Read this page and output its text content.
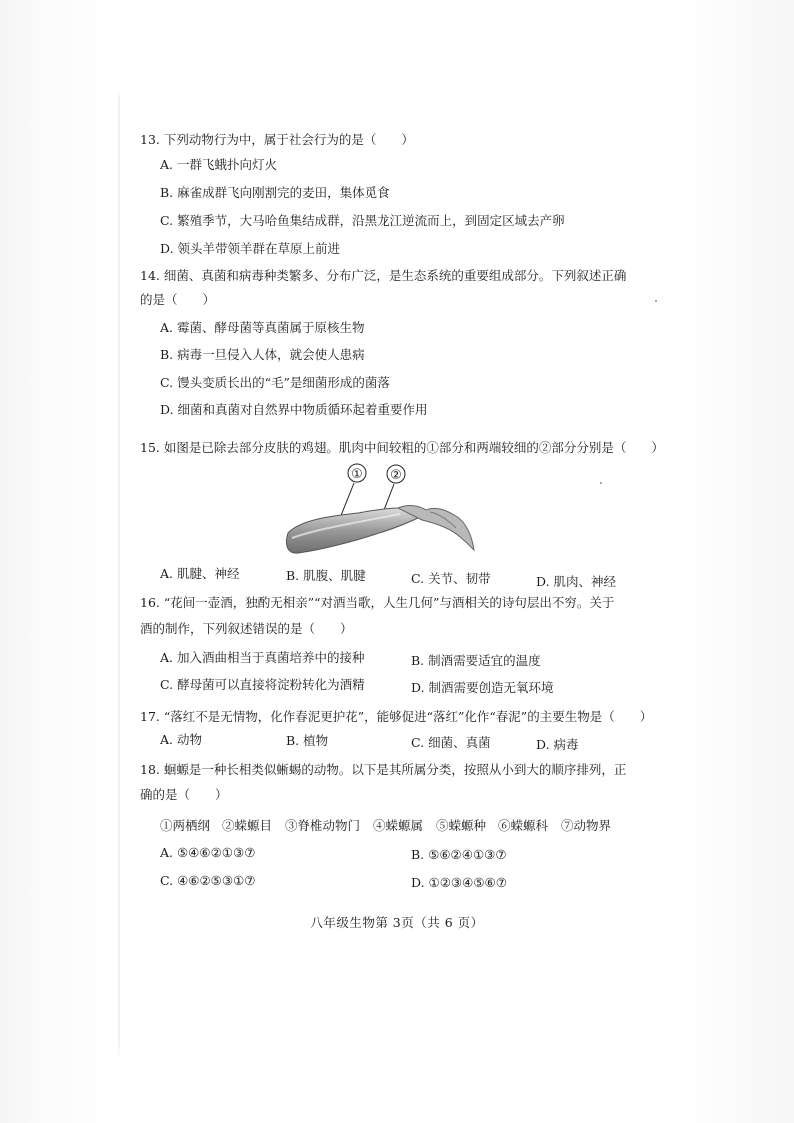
13. 下列动物行为中，属于社会行为的是（　　）
A. 一群飞蛾扑向灯火
B. 麻雀成群飞向刚割完的麦田，集体觅食
C. 繁殖季节，大马哈鱼集结成群，沿黑龙江逆流而上，到固定区域去产卵
D. 领头羊带领羊群在草原上前进
14. 细菌、真菌和病毒种类繁多、分布广泛，是生态系统的重要组成部分。下列叙述正确
的是（　　）
A. 霉菌、酵母菌等真菌属于原核生物
B. 病毒一旦侵入人体，就会使人患病
C. 馒头变质长出的“毛”是细菌形成的菌落
D. 细菌和真菌对自然界中物质循环起着重要作用
15. 如图是已除去部分皮肤的鸡翅。肌肉中间较粗的①部分和两端较细的②部分分别是（　　）
① ②
A. 肌腱、神经	B. 肌腹、肌腱	C. 关节、韧带	D. 肌肉、神经
16. “花间一壶酒，独酌无相亲”“对酒当歌，人生几何”与酒相关的诗句层出不穷。关于
酒的制作，下列叙述错误的是（　　）
A. 加入酒曲相当于真菌培养中的接种	B. 制酒需要适宜的温度
C. 酵母菌可以直接将淀粉转化为酒精	D. 制酒需要创造无氧环境
17. “落红不是无情物，化作春泥更护花”，能够促进“落红”化作“春泥”的主要生物是（　　）
A. 动物	B. 植物	C. 细菌、真菌	D. 病毒
18. 蛔螈是一种长相类似蜥蜴的动物。以下是其所属分类，按照从小到大的顺序排列，正
确的是（　　）
①两栖纲 ②蝾螈目 ③脊椎动物门 ④蝾螈属 ⑤蝾螈种 ⑥蝾螈科 ⑦动物界
A. ⑤④⑥②①③⑦	B. ⑤⑥②④①③⑦
C. ④⑥②⑤③①⑦	D. ①②③④⑤⑥⑦
八年级生物第 3页（共 6 页）
